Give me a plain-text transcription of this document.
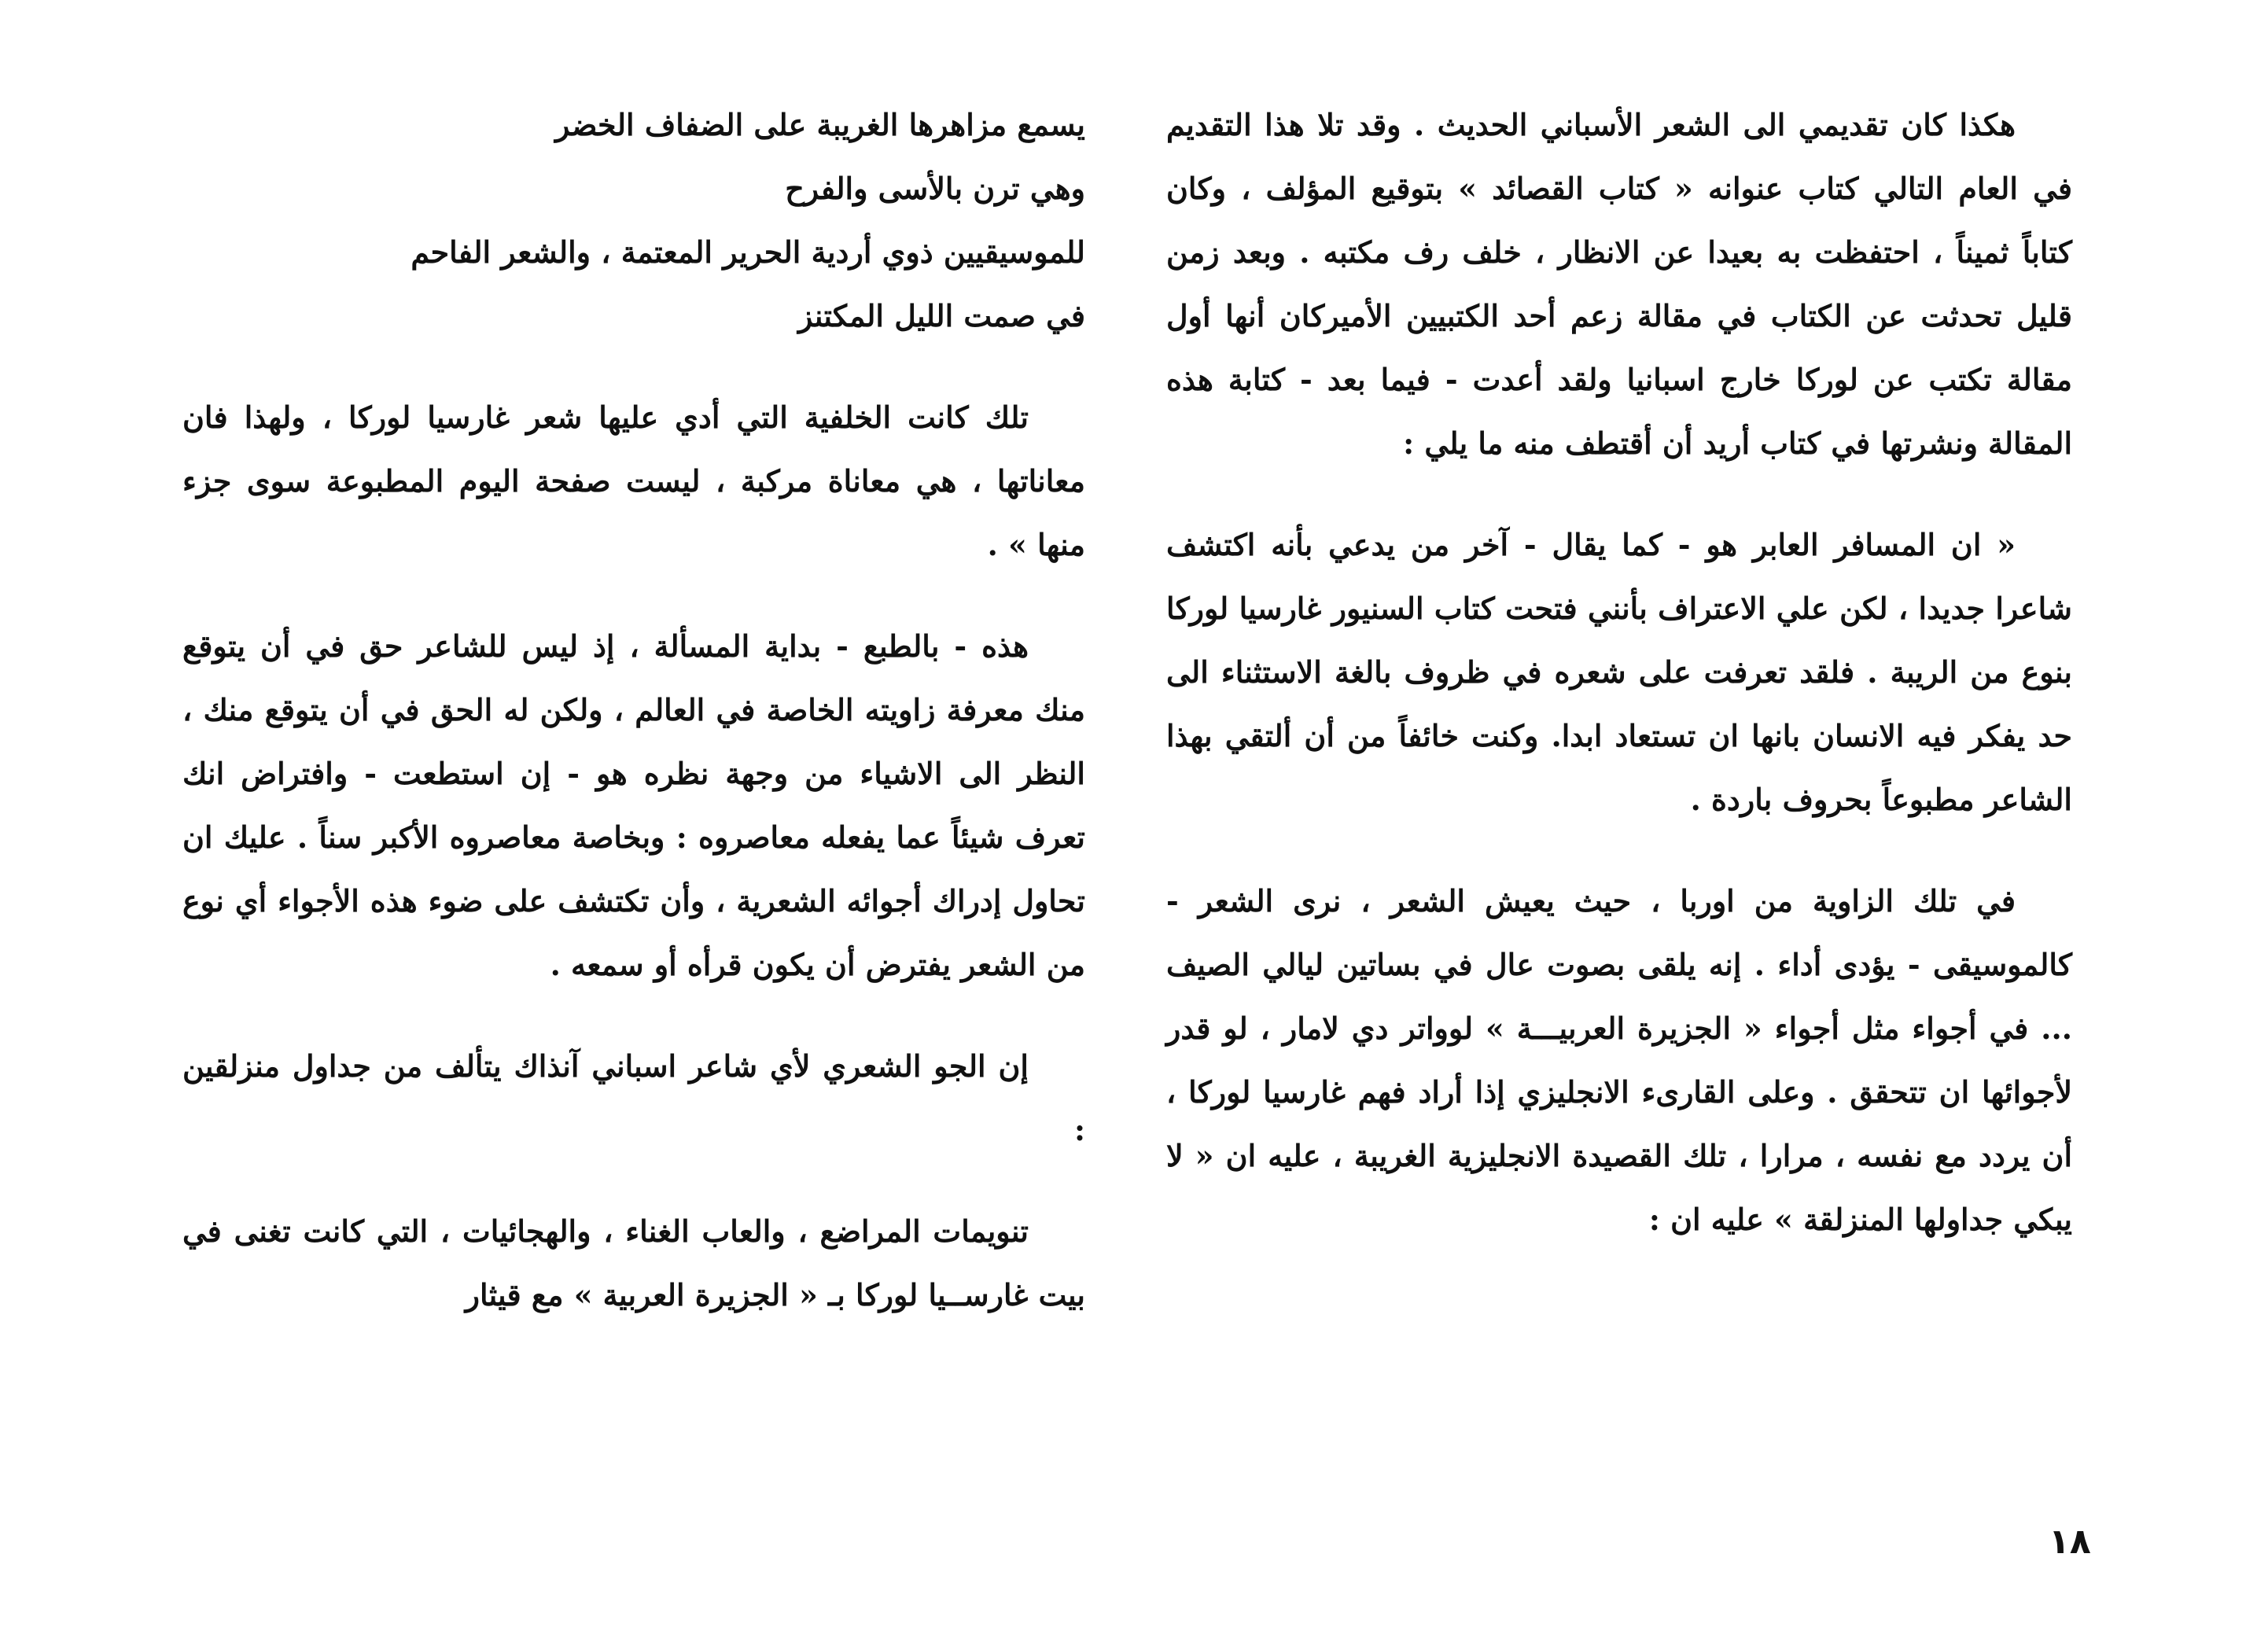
هكذا كان تقديمي الى الشعر الأسباني الحديث . وقد تلا هذا التقديم في العام التالي كتاب عنوانه « كتاب القصائد » بتوقيع المؤلف ، وكان كتاباً ثميناً ، احتفظت به بعيدا عن الانظار ، خلف رف مكتبه . وبعد زمن قليل تحدثت عن الكتاب في مقالة زعم أحد الكتبيين الأميركان أنها أول مقالة تكتب عن لوركا خارج اسبانيا ولقد أعدت - فيما بعد - كتابة هذه المقالة ونشرتها في كتاب أريد أن أقتطف منه ما يلي :

« ان المسافر العابر هو - كما يقال - آخر من يدعي بأنه اكتشف شاعرا جديدا ، لكن علي الاعتراف بأنني فتحت كتاب السنيور غارسيا لوركا بنوع من الريبة . فلقد تعرفت على شعره في ظروف بالغة الاستثناء الى حد يفكر فيه الانسان بانها ان تستعاد ابدا. وكنت خائفاً من أن ألتقي بهذا الشاعر مطبوعاً بحروف باردة .

في تلك الزاوية من اوربا ، حيث يعيش الشعر ، نرى الشعر - كالموسيقى - يؤدى أداء . إنه يلقى بصوت عال في بساتين ليالي الصيف ... في أجواء مثل أجواء « الجزيرة العربيـــة » لوواتر دي لامار ، لو قدر لأجوائها ان تتحقق . وعلى القارىء الانجليزي إذا أراد فهم غارسيا لوركا ، أن يردد مع نفسه ، مرارا ، تلك القصيدة الانجليزية الغريبة ، عليه ان « لا يبكي جداولها المنزلقة » عليه ان :

يسمع مزاهرها الغريبة على الضفاف الخضر
وهي ترن بالأسى والفرح
للموسيقيين ذوي أردية الحرير المعتمة ، والشعر الفاحم
في صمت الليل المكتنز

تلك كانت الخلفية التي أدي عليها شعر غارسيا لوركا ، ولهذا فان معاناتها ، هي معاناة مركبة ، ليست صفحة اليوم المطبوعة سوى جزء منها » .

هذه - بالطبع - بداية المسألة ، إذ ليس للشاعر حق في أن يتوقع منك معرفة زاويته الخاصة في العالم ، ولكن له الحق في أن يتوقع منك ، النظر الى الاشياء من وجهة نظره هو - إن استطعت - وافتراض انك تعرف شيئاً عما يفعله معاصروه : وبخاصة معاصروه الأكبر سناً . عليك ان تحاول إدراك أجوائه الشعرية ، وأن تكتشف على ضوء هذه الأجواء أي نوع من الشعر يفترض أن يكون قرأه أو سمعه .

إن الجو الشعري لأي شاعر اسباني آنذاك يتألف من جداول منزلقين :

تنويمات المراضع ، والعاب الغناء ، والهجائيات ، التي كانت تغنى في بيت غارســيا لوركا بـ « الجزيرة العربية » مع قيثار

١٨
